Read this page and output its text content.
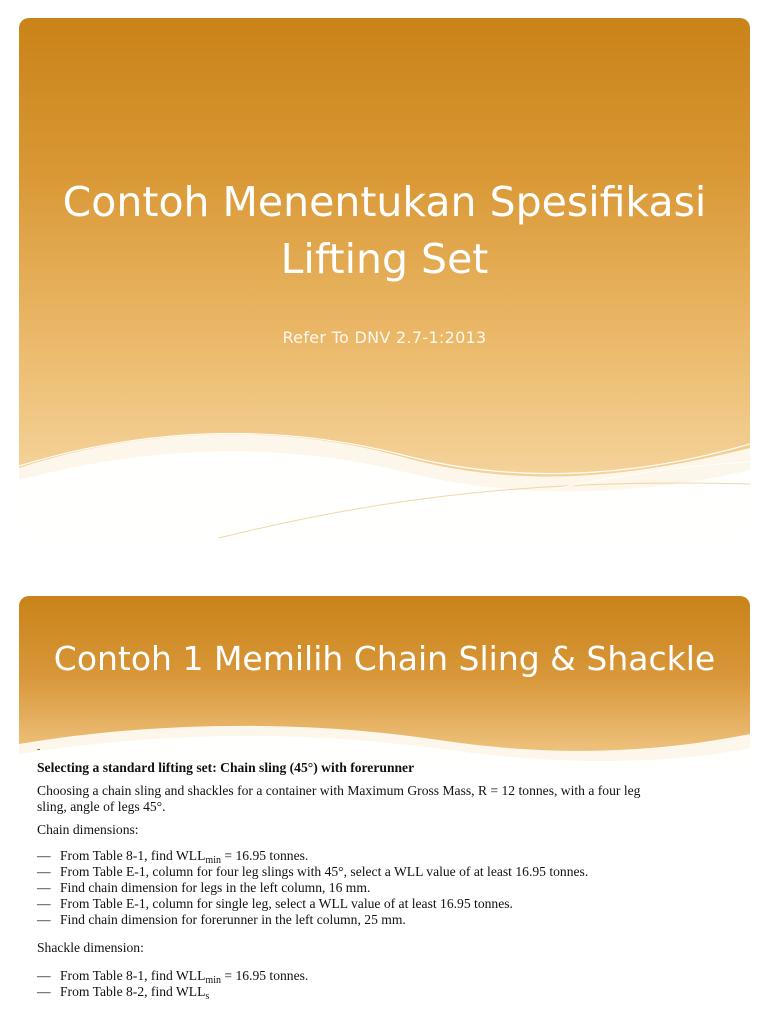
Contoh Menentukan Spesifikasi
Lifting Set
Refer To DNV 2.7-1:2013
Contoh 1 Memilih Chain Sling & Shackle
-

Selecting a standard lifting set: Chain sling (45°) with forerunner

Choosing a chain sling and shackles for a container with Maximum Gross Mass, R = 12 tonnes, with a four leg

sling, angle of legs 45°.

Chain dimensions:

— From Table 8-1, find $WLL_{min} = 16.95$ tonnes.

— From Table E-1, column for four leg slings with 45°, select a WLL value of at least 16.95 tonnes.

— Find chain dimension for legs in the left column, 16 mm.

— From Table E-1, column for single leg, select a WLL value of at least 16.95 tonnes.

— Find chain dimension for forerunner in the left column, 25 mm.

Shackle dimension:

— From Table 8-1, find $WLL_{min} = 16.95$ tonnes.

— From Table 8-2, find $WLL_s$
